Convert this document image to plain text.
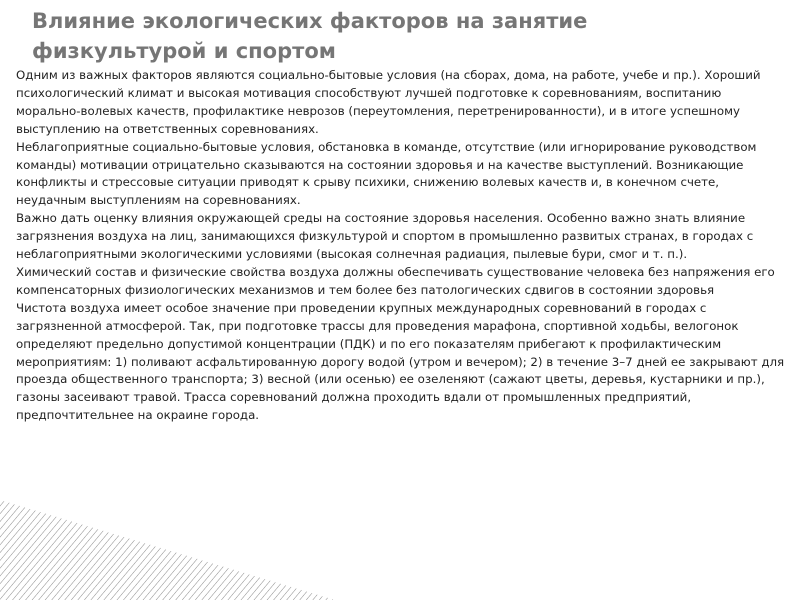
Влияние экологических факторов на занятие физкультурой и спортом

Одним из важных факторов являются социально-бытовые условия (на сборах, дома, на работе, учебе и пр.). Хороший психологический климат и высокая мотивация способствуют лучшей подготовке к соревнованиям, воспитанию морально-волевых качеств, профилактике неврозов (переутомления, перетренированности), и в итоге успешному выступлению на ответственных соревнованиях.

Неблагоприятные социально-бытовые условия, обстановка в команде, отсутствие (или игнорирование руководством команды) мотивации отрицательно сказываются на состоянии здоровья и на качестве выступлений. Возникающие конфликты и стрессовые ситуации приводят к срыву психики, снижению волевых качеств и, в конечном счете, неудачным выступлениям на соревнованиях.

Важно дать оценку влияния окружающей среды на состояние здоровья населения. Особенно важно знать влияние загрязнения воздуха на лиц, занимающихся физкультурой и спортом в промышленно развитых странах, в городах с неблагоприятными экологическими условиями (высокая солнечная радиация, пылевые бури, смог и т. п.).

Химический состав и физические свойства воздуха должны обеспечивать существование человека без напряжения его компенсаторных физиологических механизмов и тем более без патологических сдвигов в состоянии здоровья

Чистота воздуха имеет особое значение при проведении крупных международных соревнований в городах с загрязненной атмосферой. Так, при подготовке трассы для проведения марафона, спортивной ходьбы, велогонок определяют предельно допустимой концентрации (ПДК) и по его показателям прибегают к профилактическим мероприятиям: 1) поливают асфальтированную дорогу водой (утром и вечером); 2) в течение 3–7 дней ее закрывают для проезда общественного транспорта; 3) весной (или осенью) ее озеленяют (сажают цветы, деревья, кустарники и пр.), газоны засеивают травой. Трасса соревнований должна проходить вдали от промышленных предприятий, предпочтительнее на окраине города.
